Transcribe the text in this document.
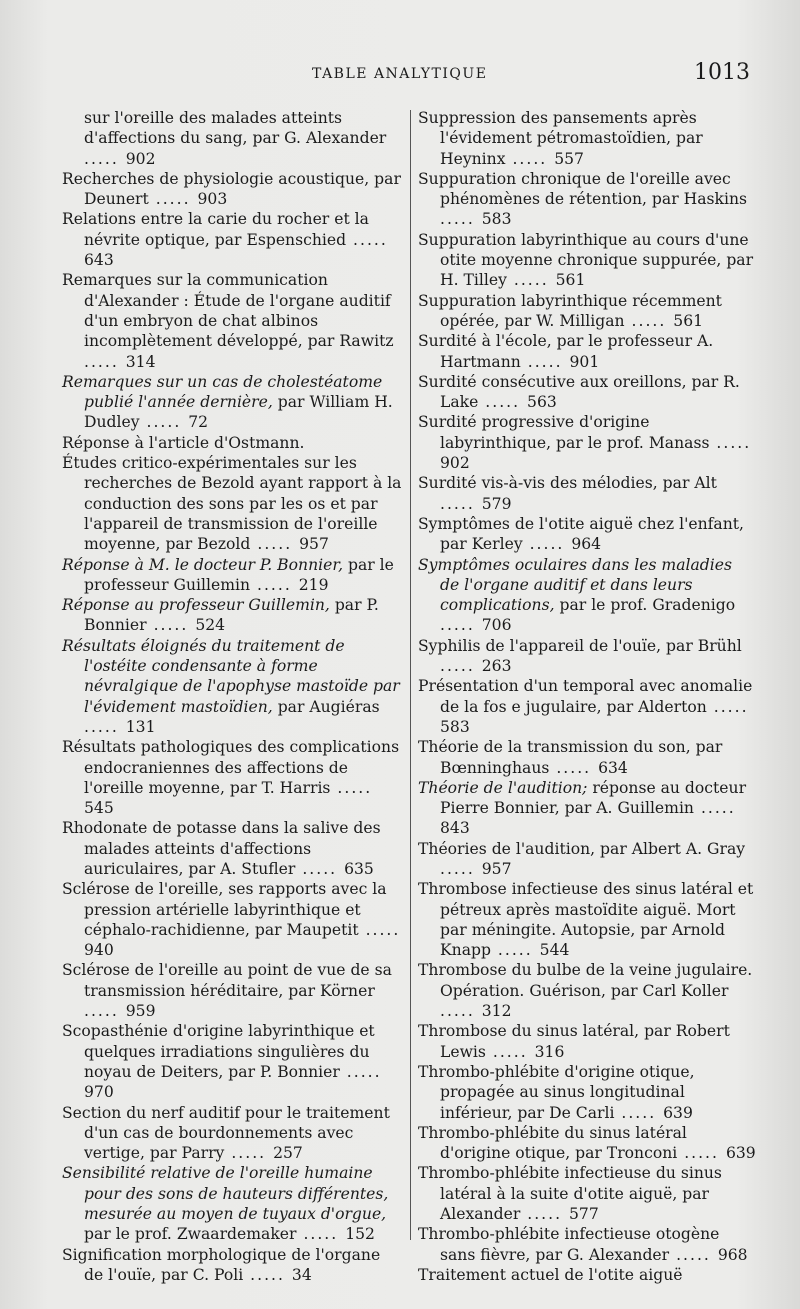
TABLE ANALYTIQUE	1013

sur l'oreille des malades atteints d'affections du sang, par G. Alexander ..... 902

Recherches de physiologie acoustique, par Deunert ..... 903

Relations entre la carie du rocher et la névrite optique, par Espenschied ..... 643

Remarques sur la communication d'Alexander : Étude de l'organe auditif d'un embryon de chat albinos incomplètement développé, par Rawitz ..... 314

Remarques sur un cas de cholestéatome publié l'année dernière, par William H. Dudley ..... 72

Réponse à l'article d'Ostmann.

Études critico-expérimentales sur les recherches de Bezold ayant rapport à la conduction des sons par les os et par l'appareil de transmission de l'oreille moyenne, par Bezold ..... 957

Réponse à M. le docteur P. Bonnier, par le professeur Guillemin ..... 219

Réponse au professeur Guillemin, par P. Bonnier ..... 524

Résultats éloignés du traitement de l'ostéite condensante à forme névralgique de l'apophyse mastoïde par l'évidement mastoïdien, par Augiéras ..... 131

Résultats pathologiques des complications endocraniennes des affections de l'oreille moyenne, par T. Harris ..... 545

Rhodonate de potasse dans la salive des malades atteints d'affections auriculaires, par A. Stufler ..... 635

Sclérose de l'oreille, ses rapports avec la pression artérielle labyrinthique et céphalo-rachidienne, par Maupetit ..... 940

Sclérose de l'oreille au point de vue de sa transmission héréditaire, par Körner ..... 959

Scopasthénie d'origine labyrinthique et quelques irradiations singulières du noyau de Deiters, par P. Bonnier ..... 970

Section du nerf auditif pour le traitement d'un cas de bourdonnements avec vertige, par Parry ..... 257

Sensibilité relative de l'oreille humaine pour des sons de hauteurs différentes, mesurée au moyen de tuyaux d'orgue, par le prof. Zwaardemaker ..... 152

Signification morphologique de l'organe de l'ouïe, par C. Poli ..... 34

Suppression des pansements après l'évidement pétromastoïdien, par Heyninx ..... 557

Suppuration chronique de l'oreille avec phénomènes de rétention, par Haskins ..... 583

Suppuration labyrinthique au cours d'une otite moyenne chronique suppurée, par H. Tilley ..... 561

Suppuration labyrinthique récemment opérée, par W. Milligan ..... 561

Surdité à l'école, par le professeur A. Hartmann ..... 901

Surdité consécutive aux oreillons, par R. Lake ..... 563

Surdité progressive d'origine labyrinthique, par le prof. Manass ..... 902

Surdité vis-à-vis des mélodies, par Alt ..... 579

Symptômes de l'otite aiguë chez l'enfant, par Kerley ..... 964

Symptômes oculaires dans les maladies de l'organe auditif et dans leurs complications, par le prof. Gradenigo ..... 706

Syphilis de l'appareil de l'ouïe, par Brühl ..... 263

Présentation d'un temporal avec anomalie de la fos e jugulaire, par Alderton ..... 583

Théorie de la transmission du son, par Bœnninghaus ..... 634

Théorie de l'audition; réponse au docteur Pierre Bonnier, par A. Guillemin ..... 843

Théories de l'audition, par Albert A. Gray ..... 957

Thrombose infectieuse des sinus latéral et pétreux après mastoïdite aiguë. Mort par méningite. Autopsie, par Arnold Knapp ..... 544

Thrombose du bulbe de la veine jugulaire. Opération. Guérison, par Carl Koller ..... 312

Thrombose du sinus latéral, par Robert Lewis ..... 316

Thrombo-phlébite d'origine otique, propagée au sinus longitudinal inférieur, par De Carli ..... 639

Thrombo-phlébite du sinus latéral d'origine otique, par Tronconi ..... 639

Thrombo-phlébite infectieuse du sinus latéral à la suite d'otite aiguë, par Alexander ..... 577

Thrombo-phlébite infectieuse otogène sans fièvre, par G. Alexander ..... 968

Traitement actuel de l'otite aiguë
